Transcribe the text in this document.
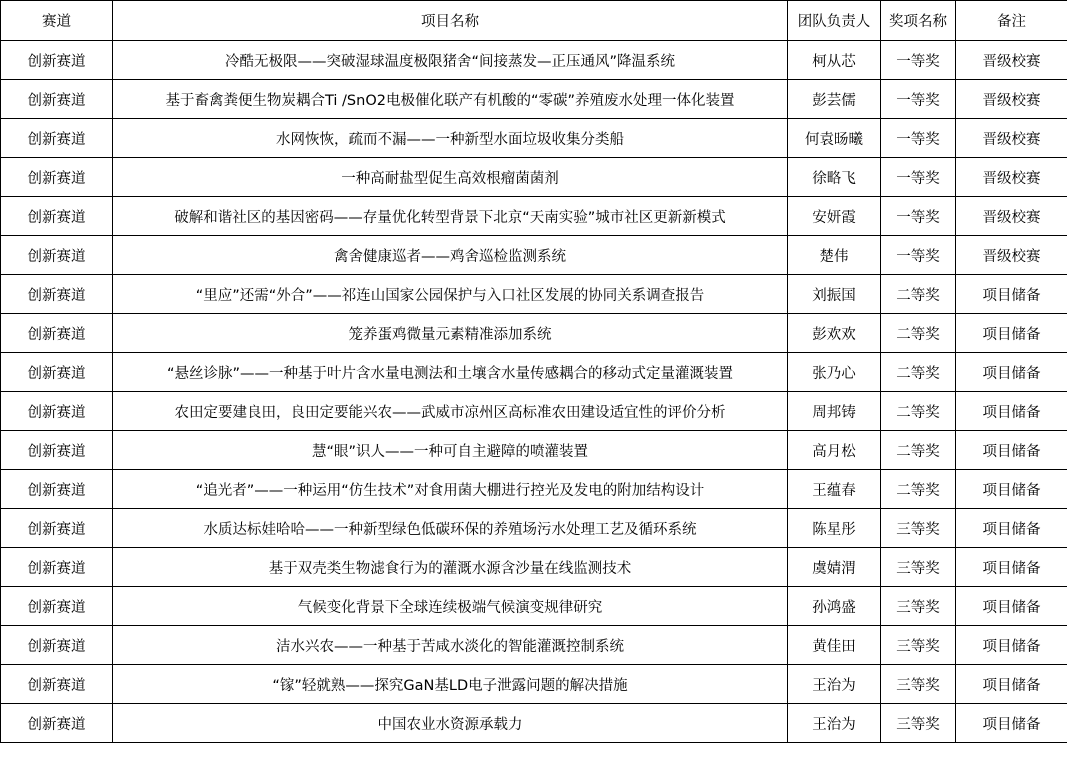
赛道	项目名称	团队负责人	奖项名称	备注
创新赛道	冷酷无极限——突破湿球温度极限猪舍“间接蒸发—正压通风”降温系统	柯从芯	一等奖	晋级校赛
创新赛道	基于畜禽粪便生物炭耦合Ti /SnO2电极催化联产有机酸的“零碳”养殖废水处理一体化装置	彭芸儒	一等奖	晋级校赛
创新赛道	水网恢恢，疏而不漏——一种新型水面垃圾收集分类船	何袁旸曦	一等奖	晋级校赛
创新赛道	一种高耐盐型促生高效根瘤菌菌剂	徐略飞	一等奖	晋级校赛
创新赛道	破解和谐社区的基因密码——存量优化转型背景下北京“天南实验”城市社区更新新模式	安妍霞	一等奖	晋级校赛
创新赛道	禽舍健康巡者——鸡舍巡检监测系统	楚伟	一等奖	晋级校赛
创新赛道	“里应”还需“外合”——祁连山国家公园保护与入口社区发展的协同关系调查报告	刘振国	二等奖	项目储备
创新赛道	笼养蛋鸡微量元素精准添加系统	彭欢欢	二等奖	项目储备
创新赛道	“悬丝诊脉”——一种基于叶片含水量电测法和土壤含水量传感耦合的移动式定量灌溉装置	张乃心	二等奖	项目储备
创新赛道	农田定要建良田，良田定要能兴农——武威市凉州区高标准农田建设适宜性的评价分析	周邦铸	二等奖	项目储备
创新赛道	慧“眼”识人——一种可自主避障的喷灌装置	高月松	二等奖	项目储备
创新赛道	“追光者”——一种运用“仿生技术”对食用菌大棚进行控光及发电的附加结构设计	王蕴春	二等奖	项目储备
创新赛道	水质达标娃哈哈——一种新型绿色低碳环保的养殖场污水处理工艺及循环系统	陈星彤	三等奖	项目储备
创新赛道	基于双壳类生物滤食行为的灌溉水源含沙量在线监测技术	虞婧渭	三等奖	项目储备
创新赛道	气候变化背景下全球连续极端气候演变规律研究	孙鸿盛	三等奖	项目储备
创新赛道	洁水兴农——一种基于苦咸水淡化的智能灌溉控制系统	黄佳田	三等奖	项目储备
创新赛道	“镓”轻就熟——探究GaN基LD电子泄露问题的解决措施	王治为	三等奖	项目储备
创新赛道	中国农业水资源承载力	王治为	三等奖	项目储备
